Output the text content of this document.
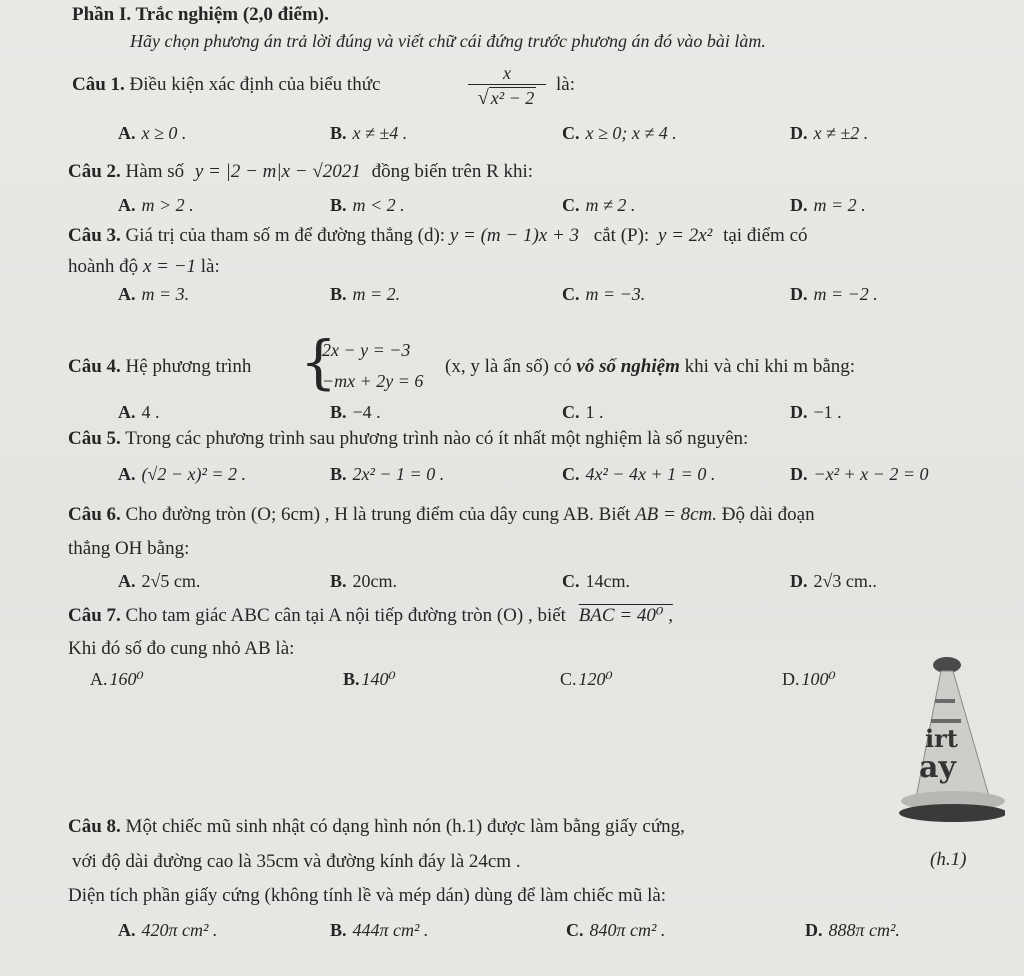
Phần I. Trắc nghiệm (2,0 điểm).
Hãy chọn phương án trả lời đúng và viết chữ cái đứng trước phương án đó vào bài làm.
Câu 1. Điều kiện xác định của biểu thức
x
√ x² − 2
là:
A. x ≥ 0 .	B. x ≠ ±4 .	C. x ≥ 0; x ≠ 4 .	D. x ≠ ±2 .
Câu 2. Hàm số y = |2 − m|x − √2021 đồng biến trên R khi:
A. m > 2 .	B. m < 2 .	C. m ≠ 2 .	D. m = 2 .
Câu 3. Giá trị của tham số m để đường thẳng (d): y = (m − 1)x + 3 cắt (P): y = 2x² tại điểm có
hoành độ x = −1 là:
A. m = 3.	B. m = 2.	C. m = −3.	D. m = −2 .
Câu 4. Hệ phương trình {
2x − y = −3
−mx + 2y = 6
(x, y là ẩn số) có vô số nghiệm khi và chỉ khi m bằng:
A. 4 .	B. −4 .	C. 1 .	D. −1 .
Câu 5. Trong các phương trình sau phương trình nào có ít nhất một nghiệm là số nguyên:
A. (√2 − x)² = 2 .	B. 2x² − 1 = 0 .	C. 4x² − 4x + 1 = 0 .	D. −x² + x − 2 = 0
Câu 6. Cho đường tròn (O; 6cm) , H là trung điểm của dây cung AB. Biết AB = 8cm. Độ dài đoạn
thẳng OH bằng:
A. 2√5 cm.	B. 20cm.	C. 14cm.	D. 2√3 cm..
Câu 7. Cho tam giác ABC cân tại A nội tiếp đường tròn (O) , biết BAC = 40⁰ ,
Khi đó số đo cung nhỏ AB là:
A. 160⁰	B. 140⁰	C. 120⁰	D. 100⁰
irt
ay
Câu 8. Một chiếc mũ sinh nhật có dạng hình nón (h.1) được làm bằng giấy cứng,
với độ dài đường cao là 35cm và đường kính đáy là 24cm .	(h.1)
Diện tích phần giấy cứng (không tính lề và mép dán) dùng để làm chiếc mũ là:
A. 420π cm² .	B. 444π cm² .	C. 840π cm² .	D. 888π cm².
